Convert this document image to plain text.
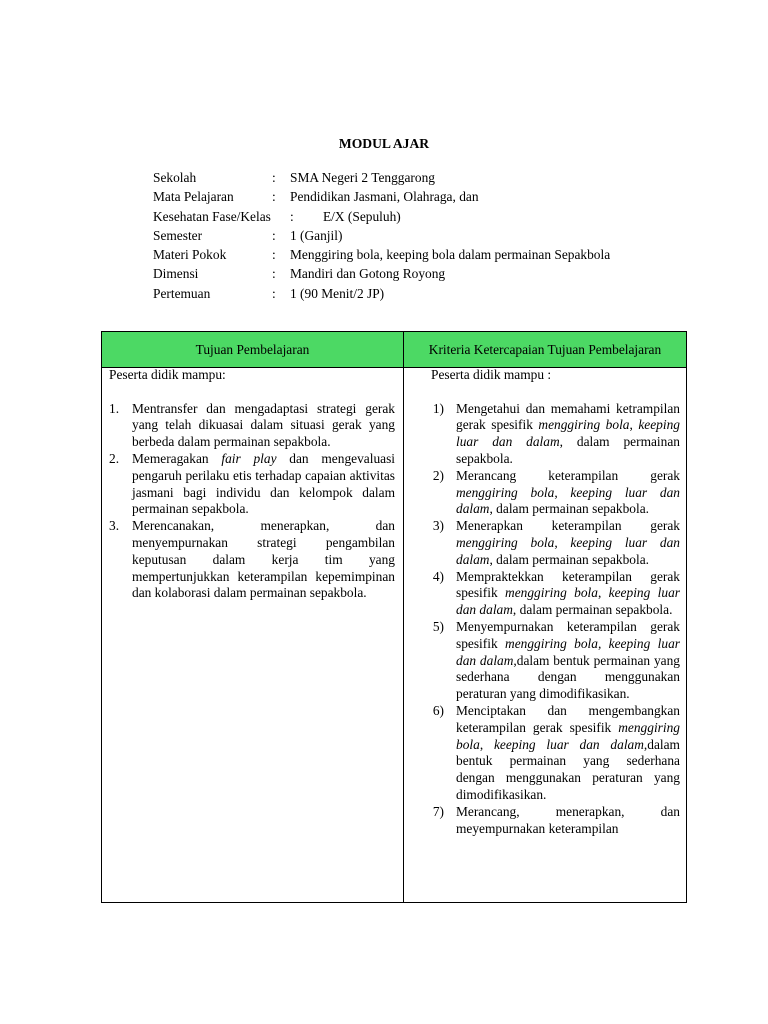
MODUL AJAR
Sekolah	: SMA Negeri 2 Tenggarong
Mata Pelajaran	: Pendidikan Jasmani, Olahraga, dan
Kesehatan Fase/Kelas : E/X (Sepuluh)
Semester	: 1 (Ganjil)
Materi Pokok	: Menggiring bola, keeping bola dalam permainan Sepakbola
Dimensi	: Mandiri dan Gotong Royong
Pertemuan	: 1 (90 Menit/2 JP)
Tujuan Pembelajaran	Kriteria Ketercapaian Tujuan Pembelajaran
Peserta didik mampu:
1. Mentransfer dan mengadaptasi strategi gerak yang telah dikuasai dalam situasi gerak yang berbeda dalam permainan sepakbola.
2. Memeragakan fair play dan mengevaluasi pengaruh perilaku etis terhadap capaian aktivitas jasmani bagi individu dan kelompok dalam permainan sepakbola.
3. Merencanakan, menerapkan, dan menyempurnakan strategi pengambilan keputusan dalam kerja tim yang mempertunjukkan keterampilan kepemimpinan dan kolaborasi dalam permainan sepakbola.
Peserta didik mampu :
1) Mengetahui dan memahami ketrampilan gerak spesifik menggiring bola, keeping luar dan dalam, dalam permainan sepakbola.
2) Merancang keterampilan gerak menggiring bola, keeping luar dan dalam, dalam permainan sepakbola.
3) Menerapkan keterampilan gerak menggiring bola, keeping luar dan dalam, dalam permainan sepakbola.
4) Mempraktekkan keterampilan gerak spesifik menggiring bola, keeping luar dan dalam, dalam permainan sepakbola.
5) Menyempurnakan keterampilan gerak spesifik menggiring bola, keeping luar dan dalam,dalam bentuk permainan yang sederhana dengan menggunakan peraturan yang dimodifikasikan.
6) Menciptakan dan mengembangkan keterampilan gerak spesifik menggiring bola, keeping luar dan dalam,dalam bentuk permainan yang sederhana dengan menggunakan peraturan yang dimodifikasikan.
7) Merancang, menerapkan, dan meyempurnakan keterampilan
